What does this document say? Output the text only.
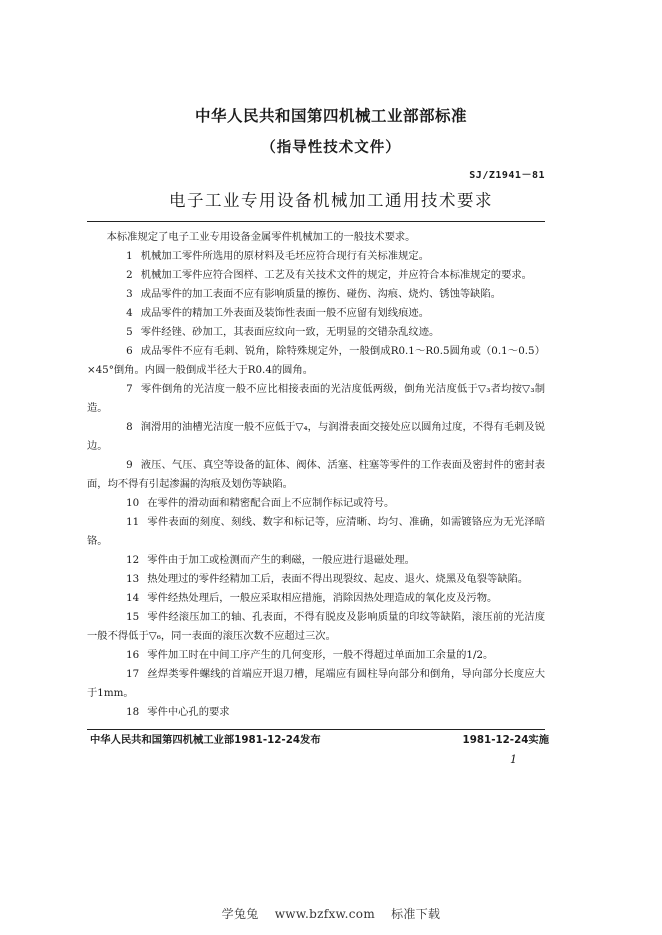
中华人民共和国第四机械工业部部标准
（指导性技术文件）
SJ/Z1941－81
电子工业专用设备机械加工通用技术要求

本标准规定了电子工业专用设备金属零件机械加工的一般技术要求。

1 机械加工零件所选用的原材料及毛坯应符合现行有关标准规定。

2 机械加工零件应符合图样、工艺及有关技术文件的规定，并应符合本标准规定的要求。

3 成品零件的加工表面不应有影响质量的擦伤、碰伤、沟痕、烧灼、锈蚀等缺陷。

4 成品零件的精加工外表面及装饰性表面一般不应留有划线痕迹。

5 零件经锉、砂加工，其表面应纹向一致，无明显的交错杂乱纹迹。

6 成品零件不应有毛刺、锐角，除特殊规定外，一般倒成R0.1～R0.5圆角或（0.1～0.5）×45°倒角。内圆一般倒成半径大于R0.4的圆角。

7 零件倒角的光洁度一般不应比相接表面的光洁度低两级，倒角光洁度低于▽₃者均按▽₃制造。

8 润滑用的油槽光洁度一般不应低于▽₄，与润滑表面交接处应以圆角过度，不得有毛刺及锐边。

9 液压、气压、真空等设备的缸体、阀体、活塞、柱塞等零件的工作表面及密封件的密封表面，均不得有引起渗漏的沟痕及划伤等缺陷。

10 在零件的滑动面和精密配合面上不应制作标记或符号。

11 零件表面的刻度、刻线、数字和标记等，应清晰、均匀、准确，如需镀铬应为无光泽暗铬。

12 零件由于加工或检测而产生的剩磁，一般应进行退磁处理。

13 热处理过的零件经精加工后，表面不得出现裂纹、起皮、退火、烧黑及龟裂等缺陷。

14 零件经热处理后，一般应采取相应措施，消除因热处理造成的氧化皮及污物。

15 零件经滚压加工的轴、孔表面，不得有脱皮及影响质量的印纹等缺陷，滚压前的光洁度一般不得低于▽₆，同一表面的滚压次数不应超过三次。

16 零件加工时在中间工序产生的几何变形，一般不得超过单面加工余量的1/2。

17 丝焊类零件螺线的首端应开退刀槽，尾端应有圆柱导向部分和倒角，导向部分长度应大于1mm。

18 零件中心孔的要求

中华人民共和国第四机械工业部1981-12-24发布	1981-12-24实施
1
学兔兔 www.bzfxw.com 标准下载
